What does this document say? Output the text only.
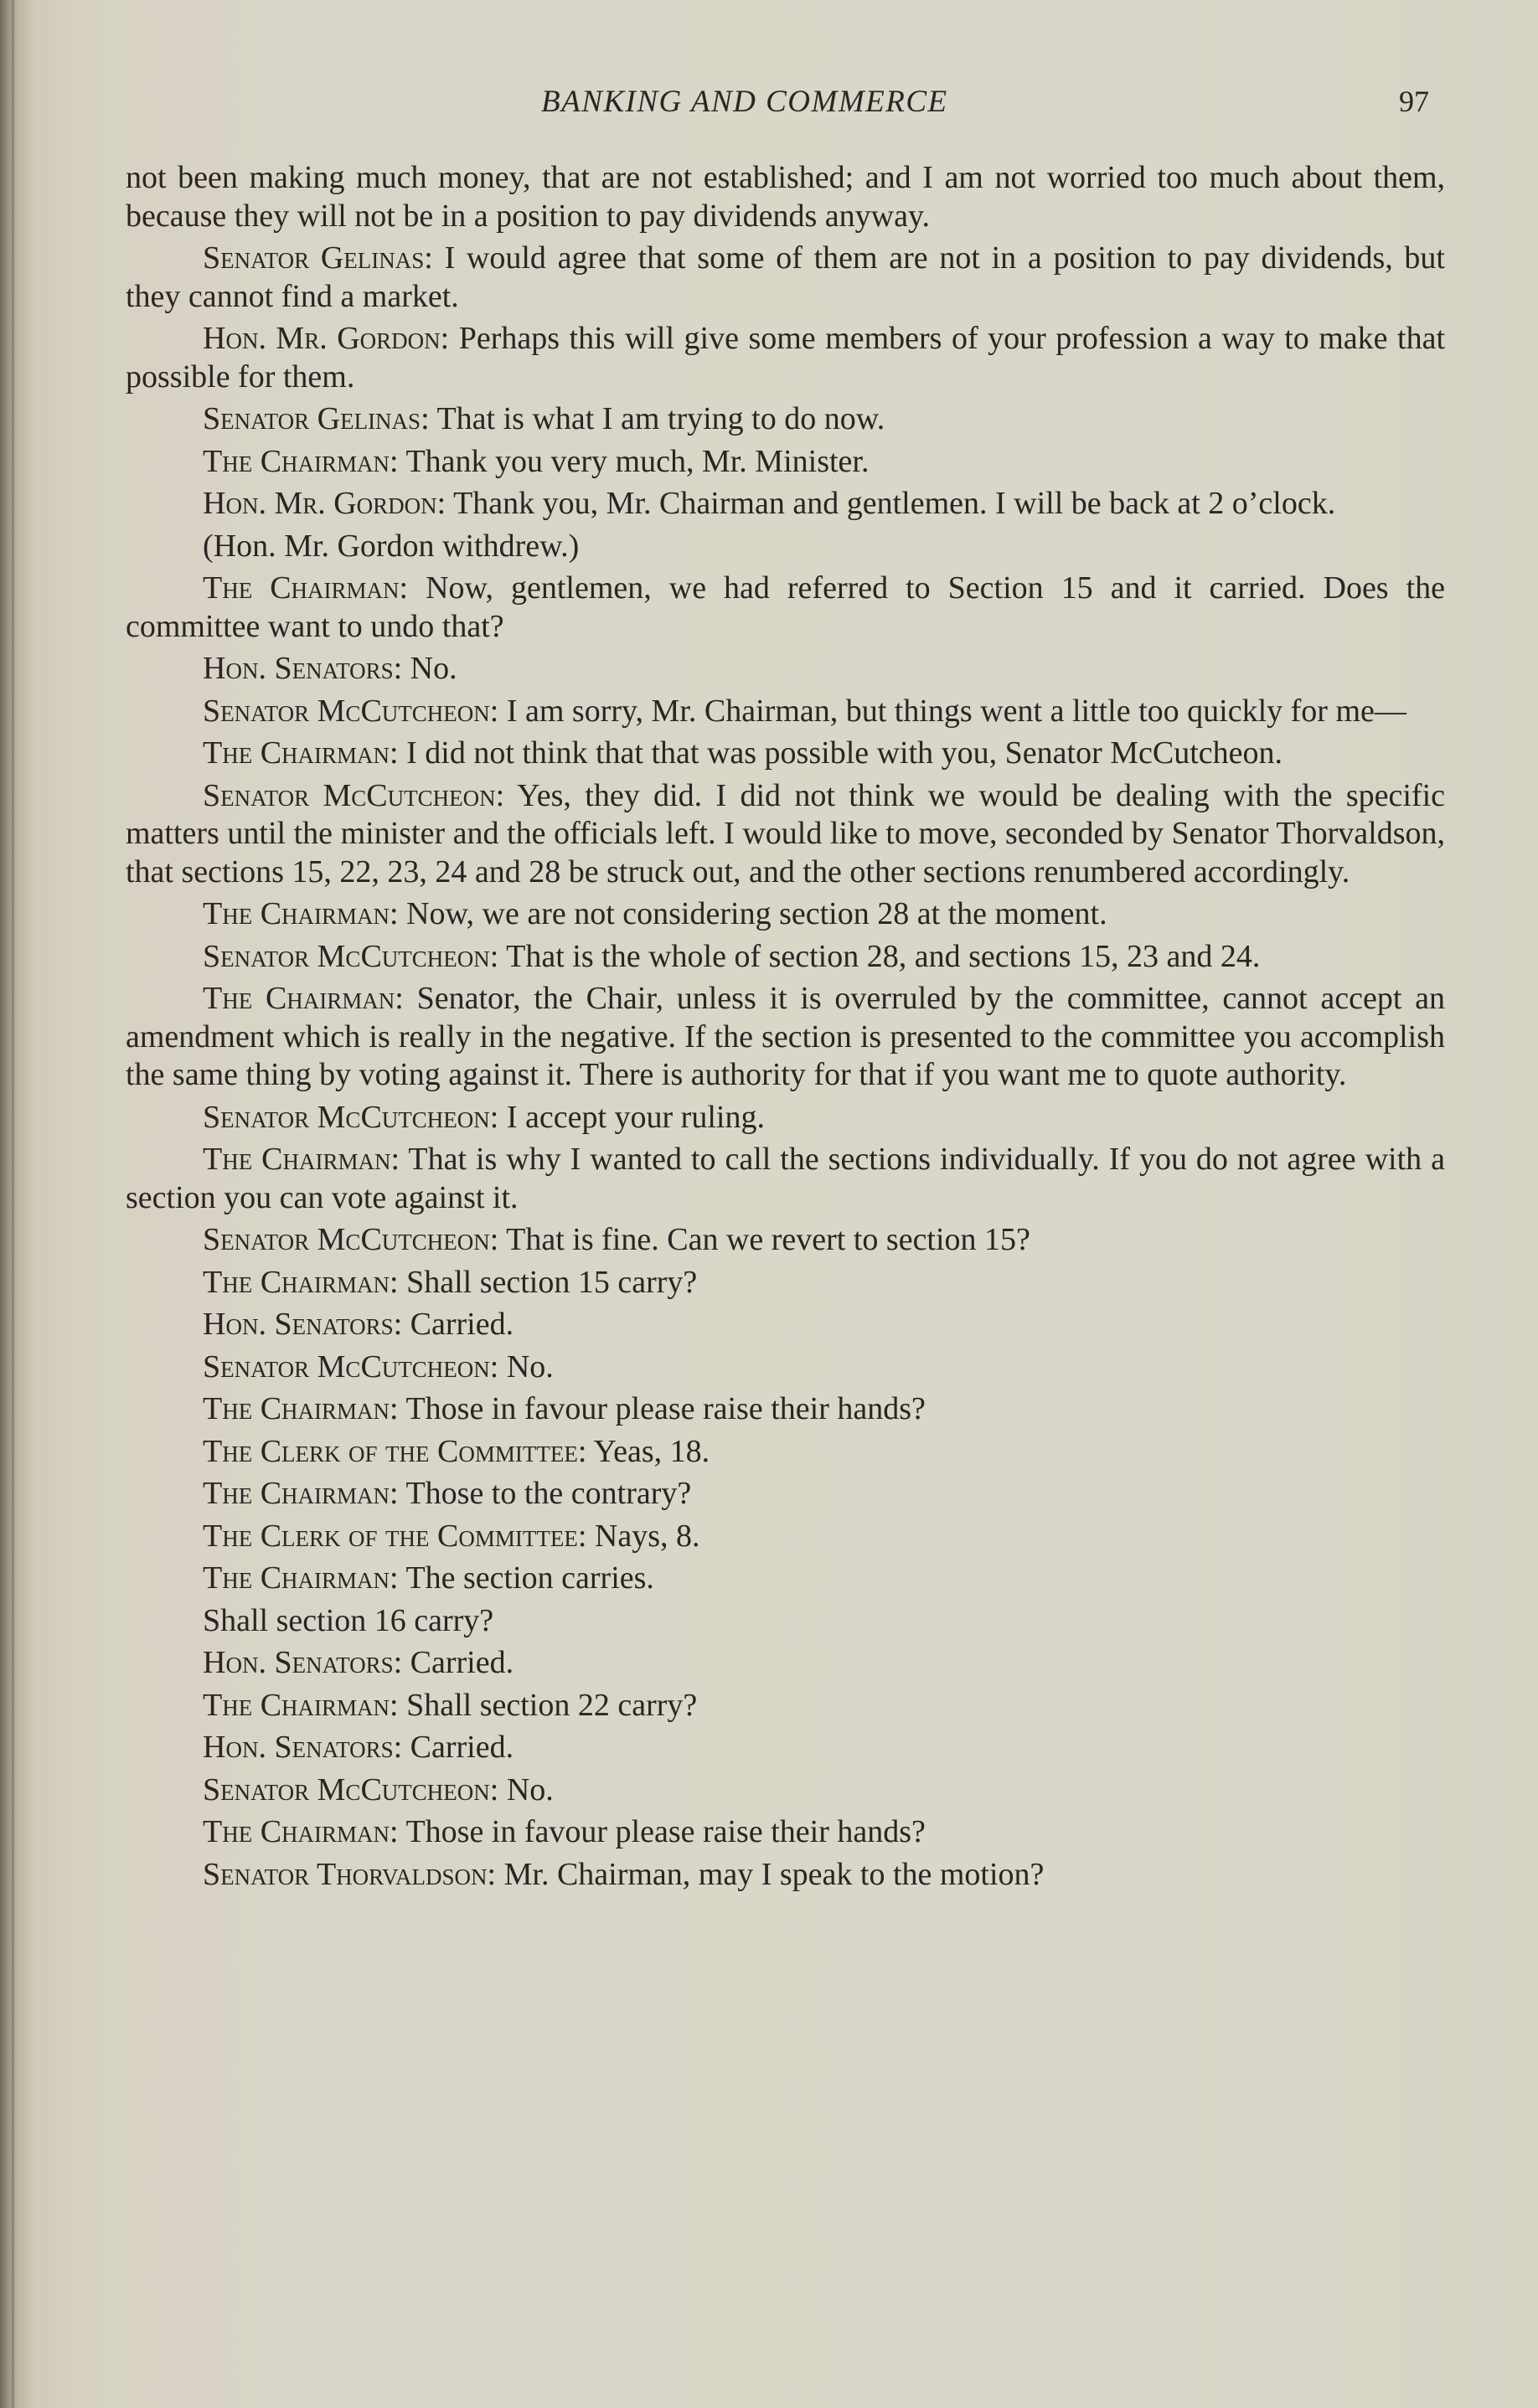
BANKING AND COMMERCE	97

not been making much money, that are not established; and I am not worried too much about them, because they will not be in a position to pay dividends anyway.

Senator Gelinas: I would agree that some of them are not in a position to pay dividends, but they cannot find a market.

Hon. Mr. Gordon: Perhaps this will give some members of your profession a way to make that possible for them.

Senator Gelinas: That is what I am trying to do now.

The Chairman: Thank you very much, Mr. Minister.

Hon. Mr. Gordon: Thank you, Mr. Chairman and gentlemen. I will be back at 2 o’clock.

(Hon. Mr. Gordon withdrew.)

The Chairman: Now, gentlemen, we had referred to Section 15 and it carried. Does the committee want to undo that?

Hon. Senators: No.

Senator McCutcheon: I am sorry, Mr. Chairman, but things went a little too quickly for me—

The Chairman: I did not think that that was possible with you, Senator McCutcheon.

Senator McCutcheon: Yes, they did. I did not think we would be dealing with the specific matters until the minister and the officials left. I would like to move, seconded by Senator Thorvaldson, that sections 15, 22, 23, 24 and 28 be struck out, and the other sections renumbered accordingly.

The Chairman: Now, we are not considering section 28 at the moment.

Senator McCutcheon: That is the whole of section 28, and sections 15, 23 and 24.

The Chairman: Senator, the Chair, unless it is overruled by the committee, cannot accept an amendment which is really in the negative. If the section is presented to the committee you accomplish the same thing by voting against it. There is authority for that if you want me to quote authority.

Senator McCutcheon: I accept your ruling.

The Chairman: That is why I wanted to call the sections individually. If you do not agree with a section you can vote against it.

Senator McCutcheon: That is fine. Can we revert to section 15?

The Chairman: Shall section 15 carry?

Hon. Senators: Carried.

Senator McCutcheon: No.

The Chairman: Those in favour please raise their hands?

The Clerk of the Committee: Yeas, 18.

The Chairman: Those to the contrary?

The Clerk of the Committee: Nays, 8.

The Chairman: The section carries.

Shall section 16 carry?

Hon. Senators: Carried.

The Chairman: Shall section 22 carry?

Hon. Senators: Carried.

Senator McCutcheon: No.

The Chairman: Those in favour please raise their hands?

Senator Thorvaldson: Mr. Chairman, may I speak to the motion?
